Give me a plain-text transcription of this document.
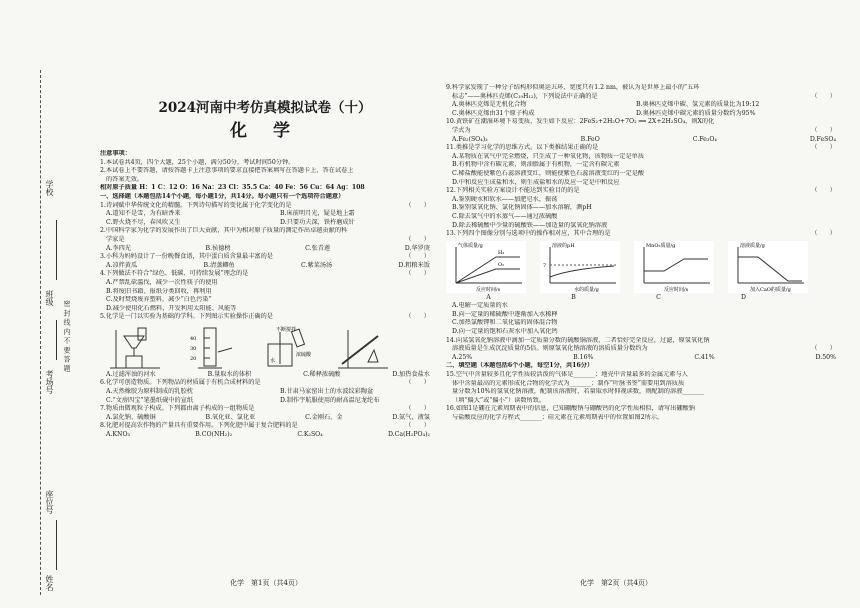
学校
班级
考场号
密 封 线 内 不 要 答 题
座位号
姓名
2024河南中考仿真模拟试卷（十）
化 学

注意事项：

1.本试卷共4页，四个大题，25个小题，满分50分，考试时间50分钟。

2.本试卷上不要答题，请按答题卡上注意事项的要求直接把答案填写在答题卡上，答在试卷上

的答案无效。

相对原子质量 H：1 C：12 O：16 Na：23 Cl：35.5 Ca：40 Fe：56 Cu：64 Ag：108

一、选择题（本题包括14个小题，每小题1分，共14分。每小题只有一个选项符合题意）

1.诗词赋中华传统文化的精髓。下列诗句描写的变化属于化学变化的是	（　　）
A.道知不是雪，为有暗香来	B.床前明月光，疑是地上霜
C.野火烧不尽，春风吹又生	D.只要功夫深，铁杵磨成针

2.中国科学家为化学的发展作出了巨大贡献，其中为相对原子质量的测定作出卓越贡献的科

学家是	（　　）
A.李四光	B.侯德榜	C.张青莲	D.华罗庚
3.小科为妈妈设计了一份晚餐食谱，其中蛋白质含量最丰富的是	（　　）
A.凉拌黄瓜	B.清蒸鲫鱼	C.紫菜汤汤	D.粗粮米饭
4.下列做法不符合“绿色、低碳、可持续发展”理念的是	（　　）

A.严禁乱砍滥伐，减少一次性筷子的使用

B.将废旧书籍、报纸分类回收，再利用

C.及时焚烧废弃塑料，减少“白色污染”

D.减少使用化石燃料，开发利用太阳能、风能等

5.化学是一门以实验为基础的学科。下列图示实验操作正确的是	（　　）
40
30
20
不断搅拌
水
浓硫酸
A.过滤浑浊的河水	B.量取水的体积	C.稀释浓硫酸	D.加热食盐水
6.化学可创造物质。下列物品的材质属于有机合成材料的是	（　　）
A.天然橡胶为原料制成的乳胶枕	B.甘肃马家窑出土的水波纹彩陶盆
C.“文房四宝”笔墨纸砚中的宣纸	D.制作宇航服使用的耐高温尼龙纶布
7.物质由微观粒子构成。下列都由离子构成的一组物质是	（　　）
A.氯化钠、硫酸铜	B.氧化亚、氯化亚	C.金刚石、金	D.氨气、液氢
8.化肥对提高农作物的产量具有重要作用。下列化肥中属于复合肥料的是	（　　）
A.KNO₃	B.CO(NH₂)₂	C.K₂SO₄	D.Ca(H₂PO₄)₂
化学　第1页（共4页）

9.科学家发现了一种分子结构形似奥运五环、宽度只有1.2 nm，被认为是世界上最小的“五环

标志”——奥林匹克烯(C₁₉H₁₂)，下列说法中正确的是	（　　）
A.奥林匹克烯是无机化合物	B.奥林匹克烯中碳、氢元素的质量比为19:12
C.奥林匹克烯由31个原子构成	D.奥林匹克烯中碳元素的质量分数约为95%

10.黄铁矿在潮湿环境下易变质，发生如下反应：2FeS₂+2H₂O+7O₂ ══ 2X+2H₂SO₄，则X的化

学式为	（　　）
A.Fe₂(SO₄)₃	B.FeO	C.Fe₃O₄	D.FeSO₄
11.类推是学习化学的思维方式。以下类推结果正确的是	（　　）

A.某物质在氧气中完全燃烧，只生成了一种氧化物，该物质一定是单质

B.有机物中含有碳元素，则油脂属于有机物，一定含有碳元素

C.稀盐酸能使紫色石蕊溶液变红，则能使紫色石蕊溶液变红的一定是酸

D.中和反应生成盐和水，则生成盐和水的反应一定是中和反应

12.下列相关实验方案设计不能达到实验目的的是	（　　）

A.鉴别硬水和软水——加肥皂水，振荡

B.鉴别氢氧化钠、氯化钠固体——加水溶解，测pH

C.除去氢气中的水蒸气——通过浓硫酸

D.除去稀硫酸中少量的硫酸铁——加适量的氢氧化钠溶液

13.下列四个图像分别与选项中的操作相对应，其中合理的是	（　　）
气体质量/g
H₂
O₂
反应时间/s
溶液的pH
7
水的质量/g
MnO₂质量/g
反应时间/s
溶液质量/g
加入CaO的质量/g
A	B	C	D

A.电解一定质量的水

B.向一定量的稀硫酸中逐渐加入水稀释

C.加热氯酸钾和二氧化锰的固体混合物

D.向一定量的饱和石灰水中加入氧化钙

14.向某氢氧化钠溶液中滴加一定质量分数的硫酸铜溶液，二者恰好完全反应，过滤，原氢氧化钠

溶液质量是生成沉淀质量的5倍。则原氢氧化钠溶液的溶质质量分数约为	（　　）
A.25%	B.16%	C.41%	D.50%

二、填空题（本题包括6个小题，每空1分，共16分）

15.空气中含量较多且化学性质较活泼的气体是_______；地壳中含量最多的金属元素与人

体中含量最高的元素形成化合物的化学式为_______；制作“叶脉书签”需要用到溶质质

量分数为10%的氢氧化钠溶液，配制该溶液时，若量取水时仰视读数，则配制的溶液_______

（填“偏大”或“偏小”）读数所致。

16.如图1是硼在元素周期表中的信息，已知硼酸钠与硼酸钙的化学性质相似，请写出硼酸钠

与盐酸反应的化学方程式_______；硅元素在元素周期表中的位置如图2所示，

化学　第2页（共4页）
